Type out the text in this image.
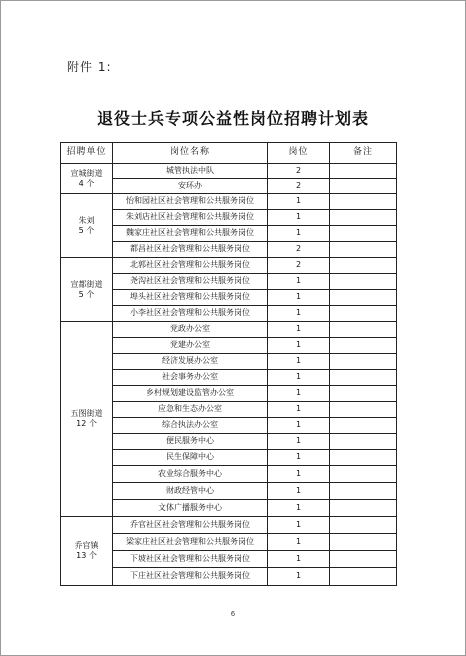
附件 1:
退役士兵专项公益性岗位招聘计划表
招聘单位	岗位名称	岗位	备注

宣城街道
4 个	城管执法中队	2	
	安环办	2	

朱刘
5 个	怡和园社区社会管理和公共服务岗位	1	
	朱刘店社区社会管理和公共服务岗位	1	
	魏家庄社区社会管理和公共服务岗位	1	
	都昌社区社会管理和公共服务岗位	2	

宣都街道
5 个	北郭社区社会管理和公共服务岗位	2	
	尧沟社区社会管理和公共服务岗位	1	
	埠头社区社会管理和公共服务岗位	1	
	小李社区社会管理和公共服务岗位	1	

五图街道
12 个	党政办公室	1	
	党建办公室	1	
	经济发展办公室	1	
	社会事务办公室	1	
	乡村规划建设监管办公室	1	
	应急和生态办公室	1	
	综合执法办公室	1	
	便民服务中心	1	
	民生保障中心	1	
	农业综合服务中心	1	
	财政经管中心	1	
	文体广播服务中心	1	

乔官镇
13 个	乔官社区社会管理和公共服务岗位	1	
	梁家庄社区社会管理和公共服务岗位	1	
	下坡社区社会管理和公共服务岗位	1	
	下庄社区社会管理和公共服务岗位	1	
6
